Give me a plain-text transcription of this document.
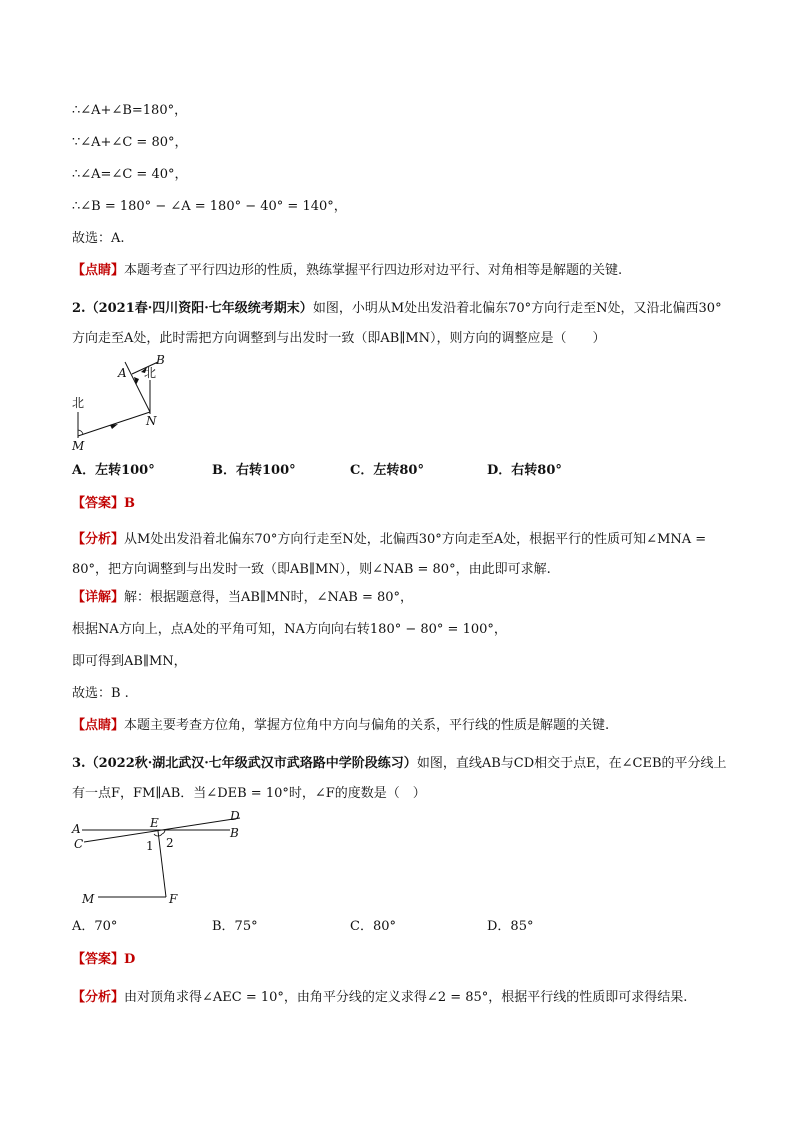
∴∠A+∠B=180°，
∵∠A+∠C = 80°，
∴∠A=∠C = 40°，
∴∠B = 180° − ∠A = 180° − 40° = 140°，
故选：A.
【点睛】本题考查了平行四边形的性质，熟练掌握平行四边形对边平行、对角相等是解题的关键.
2.（2021春·四川资阳·七年级统考期末）如图，小明从M处出发沿着北偏东70°方向行走至N处，又沿北偏西30°方向走至A处，此时需把方向调整到与出发时一致（即AB∥MN），则方向的调整应是（　　）
北
北
M
N
A
B
A．左转100°	B．右转100°	C．左转80°	D．右转80°
【答案】B
【分析】从M处出发沿着北偏东70°方向行走至N处，北偏西30°方向走至A处，根据平行的性质可知∠MNA = 80°，把方向调整到与出发时一致（即AB∥MN），则∠NAB = 80°，由此即可求解.
【详解】解：根据题意得，当AB∥MN时，∠NAB = 80°，
根据NA方向上，点A处的平角可知，NA方向向右转180° − 80° = 100°，
即可得到AB∥MN，
故选：B .
【点睛】本题主要考查方位角，掌握方位角中方向与偏角的关系，平行线的性质是解题的关键.
3.（2022秋·湖北武汉·七年级武汉市武珞路中学阶段练习）如图，直线AB与CD相交于点E，在∠CEB的平分线上有一点F，FM∥AB．当∠DEB = 10°时，∠F的度数是（　）
A	B
C
D
E
F
M
1 2
A．70°	B．75°	C．80°	D．85°
【答案】D
【分析】由对顶角求得∠AEC = 10°，由角平分线的定义求得∠2 = 85°，根据平行线的性质即可求得结果.
